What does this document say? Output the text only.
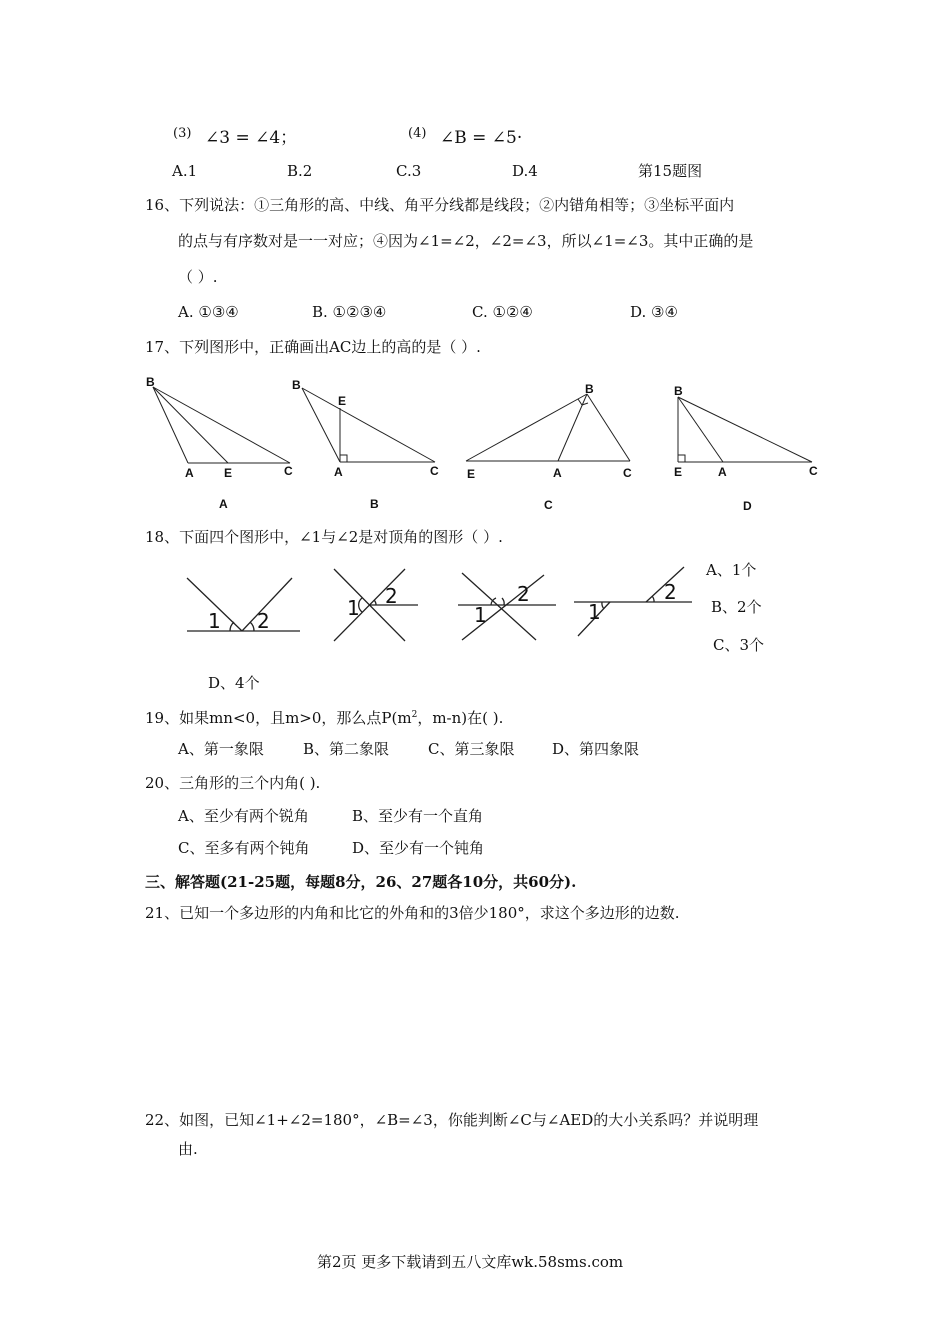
(3) ∠3 = ∠4；	(4) ∠B = ∠5·
A.1	B.2	C.3	D.4	第15题图
16、下列说法：①三角形的高、中线、角平分线都是线段；②内错角相等；③坐标平面内
的点与有序数对是一一对应；④因为∠1=∠2，∠2=∠3，所以∠1=∠3。其中正确的是
（ ）.
A. ①③④	B. ①②③④	C. ①②④	D. ③④
17、下列图形中，正确画出AC边上的高的是（ ）.
B
A	E	C
A
B
E
A	C
B
B
E	A	C
C
B
E	A	C
D
18、下面四个图形中，∠1与∠2是对顶角的图形（ ）.
1 2
1 2
1
2
1
2
A、1个
B、2个
C、3个
D、4个
19、如果mn<0，且m>0，那么点$P(m^2$，m-n)在( ).
A、第一象限	B、第二象限	C、第三象限	D、第四象限
20、三角形的三个内角( ).
A、至少有两个锐角	B、至少有一个直角
C、至多有两个钝角	D、至少有一个钝角
三、解答题(21-25题，每题8分，26、27题各10分，共60分).
21、已知一个多边形的内角和比它的外角和的3倍少180°，求这个多边形的边数.
22、如图，已知∠1+∠2=180°，∠B=∠3，你能判断∠C与∠AED的大小关系吗？并说明理
由.
第2页 更多下载请到五八文库wk.58sms.com
